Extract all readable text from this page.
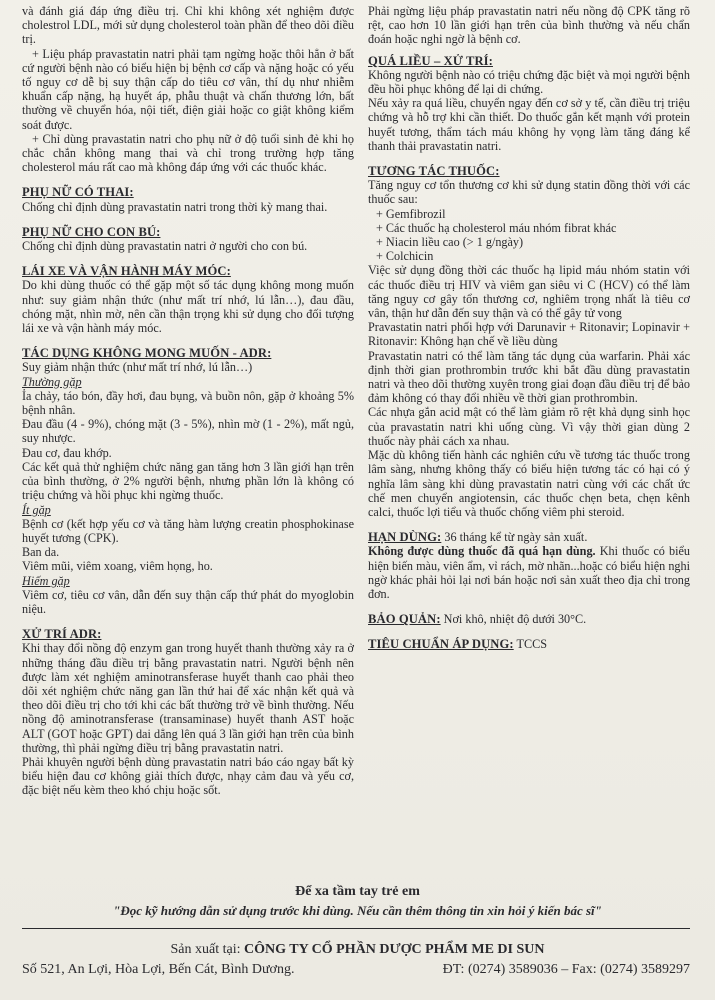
và đánh giá đáp ứng điều trị. Chỉ khi không xét nghiệm được cholestrol LDL, mới sử dụng cholesterol toàn phần để theo dõi điều trị.

+ Liệu pháp pravastatin natri phải tạm ngừng hoặc thôi hẳn ở bất cứ người bệnh nào có biểu hiện bị bệnh cơ cấp và nặng hoặc có yếu tố nguy cơ dễ bị suy thận cấp do tiêu cơ vân, thí dụ như nhiễm khuẩn cấp nặng, hạ huyết áp, phẫu thuật và chấn thương lớn, bất thường về chuyển hóa, nội tiết, điện giải hoặc co giật không kiểm soát được.

+ Chỉ dùng pravastatin natri cho phụ nữ ở độ tuổi sinh đẻ khi họ chắc chắn không mang thai và chỉ trong trường hợp tăng cholesterol máu rất cao mà không đáp ứng với các thuốc khác.

PHỤ NỮ CÓ THAI:

Chống chỉ định dùng pravastatin natri trong thời kỳ mang thai.

PHỤ NỮ CHO CON BÚ:

Chống chỉ định dùng pravastatin natri ở người cho con bú.

LÁI XE VÀ VẬN HÀNH MÁY MÓC:

Do khi dùng thuốc có thể gặp một số tác dụng không mong muốn như: suy giảm nhận thức (như mất trí nhớ, lú lẫn…), đau đầu, chóng mặt, nhìn mờ, nên cần thận trọng khi sử dụng cho đối tượng lái xe và vận hành máy móc.

TÁC DỤNG KHÔNG MONG MUỐN - ADR:

Suy giảm nhận thức (như mất trí nhớ, lú lẫn…)

Thường gặp

Ỉa chảy, táo bón, đầy hơi, đau bụng, và buồn nôn, gặp ở khoảng 5% bệnh nhân.

Đau đầu (4 - 9%), chóng mặt (3 - 5%), nhìn mờ (1 - 2%), mất ngủ, suy nhược.

Đau cơ, đau khớp.

Các kết quả thử nghiệm chức năng gan tăng hơn 3 lần giới hạn trên của bình thường, ở 2% người bệnh, nhưng phần lớn là không có triệu chứng và hồi phục khi ngừng thuốc.

Ít gặp

Bệnh cơ (kết hợp yếu cơ và tăng hàm lượng creatin phosphokinase huyết tương (CPK).

Ban da.

Viêm mũi, viêm xoang, viêm họng, ho.

Hiếm gặp

Viêm cơ, tiêu cơ vân, dẫn đến suy thận cấp thứ phát do myoglobin niệu.

XỬ TRÍ ADR:

Khi thay đổi nồng độ enzym gan trong huyết thanh thường xảy ra ở những tháng đầu điều trị bằng pravastatin natri. Người bệnh nên được làm xét nghiệm aminotransferase huyết thanh cao phải theo dõi xét nghiệm chức năng gan lần thứ hai để xác nhận kết quả và theo dõi điều trị cho tới khi các bất thường trở về bình thường. Nếu nồng độ aminotransferase (transaminase) huyết thanh AST hoặc ALT (GOT hoặc GPT) dai dẳng lên quá 3 lần giới hạn trên của bình thường, thì phải ngừng điều trị bằng pravastatin natri.

Phải khuyên người bệnh dùng pravastatin natri báo cáo ngay bất kỳ biểu hiện đau cơ không giải thích được, nhạy cảm đau và yếu cơ, đặc biệt nếu kèm theo khó chịu hoặc sốt.

Phải ngừng liệu pháp pravastatin natri nếu nồng độ CPK tăng rõ rệt, cao hơn 10 lần giới hạn trên của bình thường và nếu chẩn đoán hoặc nghi ngờ là bệnh cơ.

QUÁ LIỀU – XỬ TRÍ:

Không người bệnh nào có triệu chứng đặc biệt và mọi người bệnh đều hồi phục không để lại di chứng.

Nếu xảy ra quá liều, chuyển ngay đến cơ sở y tế, cần điều trị triệu chứng và hỗ trợ khi cần thiết. Do thuốc gắn kết mạnh với protein huyết tương, thẩm tách máu không hy vọng làm tăng đáng kể thanh thải pravastatin natri.

TƯƠNG TÁC THUỐC:

Tăng nguy cơ tổn thương cơ khi sử dụng statin đồng thời với các thuốc sau:

+ Gemfibrozil
+ Các thuốc hạ cholesterol máu nhóm fibrat khác
+ Niacin liều cao (> 1 g/ngày)
+ Colchicin

Việc sử dụng đồng thời các thuốc hạ lipid máu nhóm statin với các thuốc điều trị HIV và viêm gan siêu vi C (HCV) có thể làm tăng nguy cơ gây tổn thương cơ, nghiêm trọng nhất là tiêu cơ vân, thận hư dẫn đến suy thận và có thể gây tử vong

Pravastatin natri phối hợp với Darunavir + Ritonavir; Lopinavir + Ritonavir: Không hạn chế về liều dùng

Pravastatin natri có thể làm tăng tác dụng của warfarin. Phải xác định thời gian prothrombin trước khi bắt đầu dùng pravastatin natri và theo dõi thường xuyên trong giai đoạn đầu điều trị để bảo đảm không có thay đổi nhiều về thời gian prothrombin.

Các nhựa gắn acid mật có thể làm giảm rõ rệt khả dụng sinh học của pravastatin natri khi uống cùng. Vì vậy thời gian dùng 2 thuốc này phải cách xa nhau.

Mặc dù không tiến hành các nghiên cứu về tương tác thuốc trong lâm sàng, nhưng không thấy có biểu hiện tương tác có hại có ý nghĩa lâm sàng khi dùng pravastatin natri cùng với các chất ức chế men chuyển angiotensin, các thuốc chẹn beta, chẹn kênh calci, thuốc lợi tiểu và thuốc chống viêm phi steroid.

HẠN DÙNG: 36 tháng kể từ ngày sản xuất.

Không được dùng thuốc đã quá hạn dùng. Khi thuốc có biểu hiện biến màu, viên ẩm, vỉ rách, mờ nhãn...hoặc có biểu hiện nghi ngờ khác phải hỏi lại nơi bán hoặc nơi sản xuất theo địa chỉ trong đơn.

BẢO QUẢN: Nơi khô, nhiệt độ dưới 30°C.

TIÊU CHUẨN ÁP DỤNG: TCCS

Để xa tầm tay trẻ em
"Đọc kỹ hướng dẫn sử dụng trước khi dùng. Nếu cần thêm thông tin xin hỏi ý kiến bác sĩ"
Sản xuất tại: CÔNG TY CỔ PHẦN DƯỢC PHẨM ME DI SUN
Số 521, An Lợi, Hòa Lợi, Bến Cát, Bình Dương.	ĐT: (0274) 3589036 – Fax: (0274) 3589297
